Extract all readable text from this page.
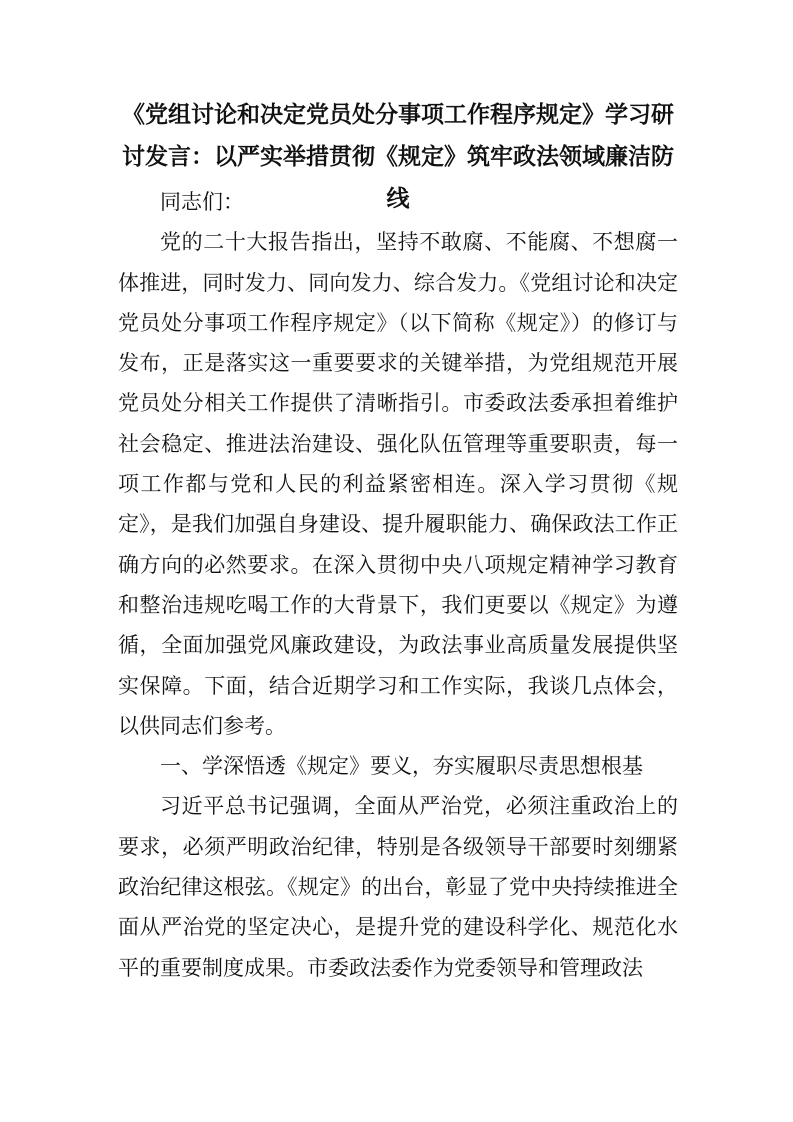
《党组讨论和决定党员处分事项工作程序规定》学习研讨发言：以严实举措贯彻《规定》筑牢政法领域廉洁防线

同志们：

党的二十大报告指出，坚持不敢腐、不能腐、不想腐一体推进，同时发力、同向发力、综合发力。《党组讨论和决定党员处分事项工作程序规定》（以下简称《规定》）的修订与发布，正是落实这一重要要求的关键举措，为党组规范开展党员处分相关工作提供了清晰指引。市委政法委承担着维护社会稳定、推进法治建设、强化队伍管理等重要职责，每一项工作都与党和人民的利益紧密相连。深入学习贯彻《规定》，是我们加强自身建设、提升履职能力、确保政法工作正确方向的必然要求。在深入贯彻中央八项规定精神学习教育和整治违规吃喝工作的大背景下，我们更要以《规定》为遵循，全面加强党风廉政建设，为政法事业高质量发展提供坚实保障。下面，结合近期学习和工作实际，我谈几点体会，以供同志们参考。

一、学深悟透《规定》要义，夯实履职尽责思想根基

习近平总书记强调，全面从严治党，必须注重政治上的要求，必须严明政治纪律，特别是各级领导干部要时刻绷紧政治纪律这根弦。《规定》的出台，彰显了党中央持续推进全面从严治党的坚定决心，是提升党的建设科学化、规范化水平的重要制度成果。市委政法委作为党委领导和管理政法
